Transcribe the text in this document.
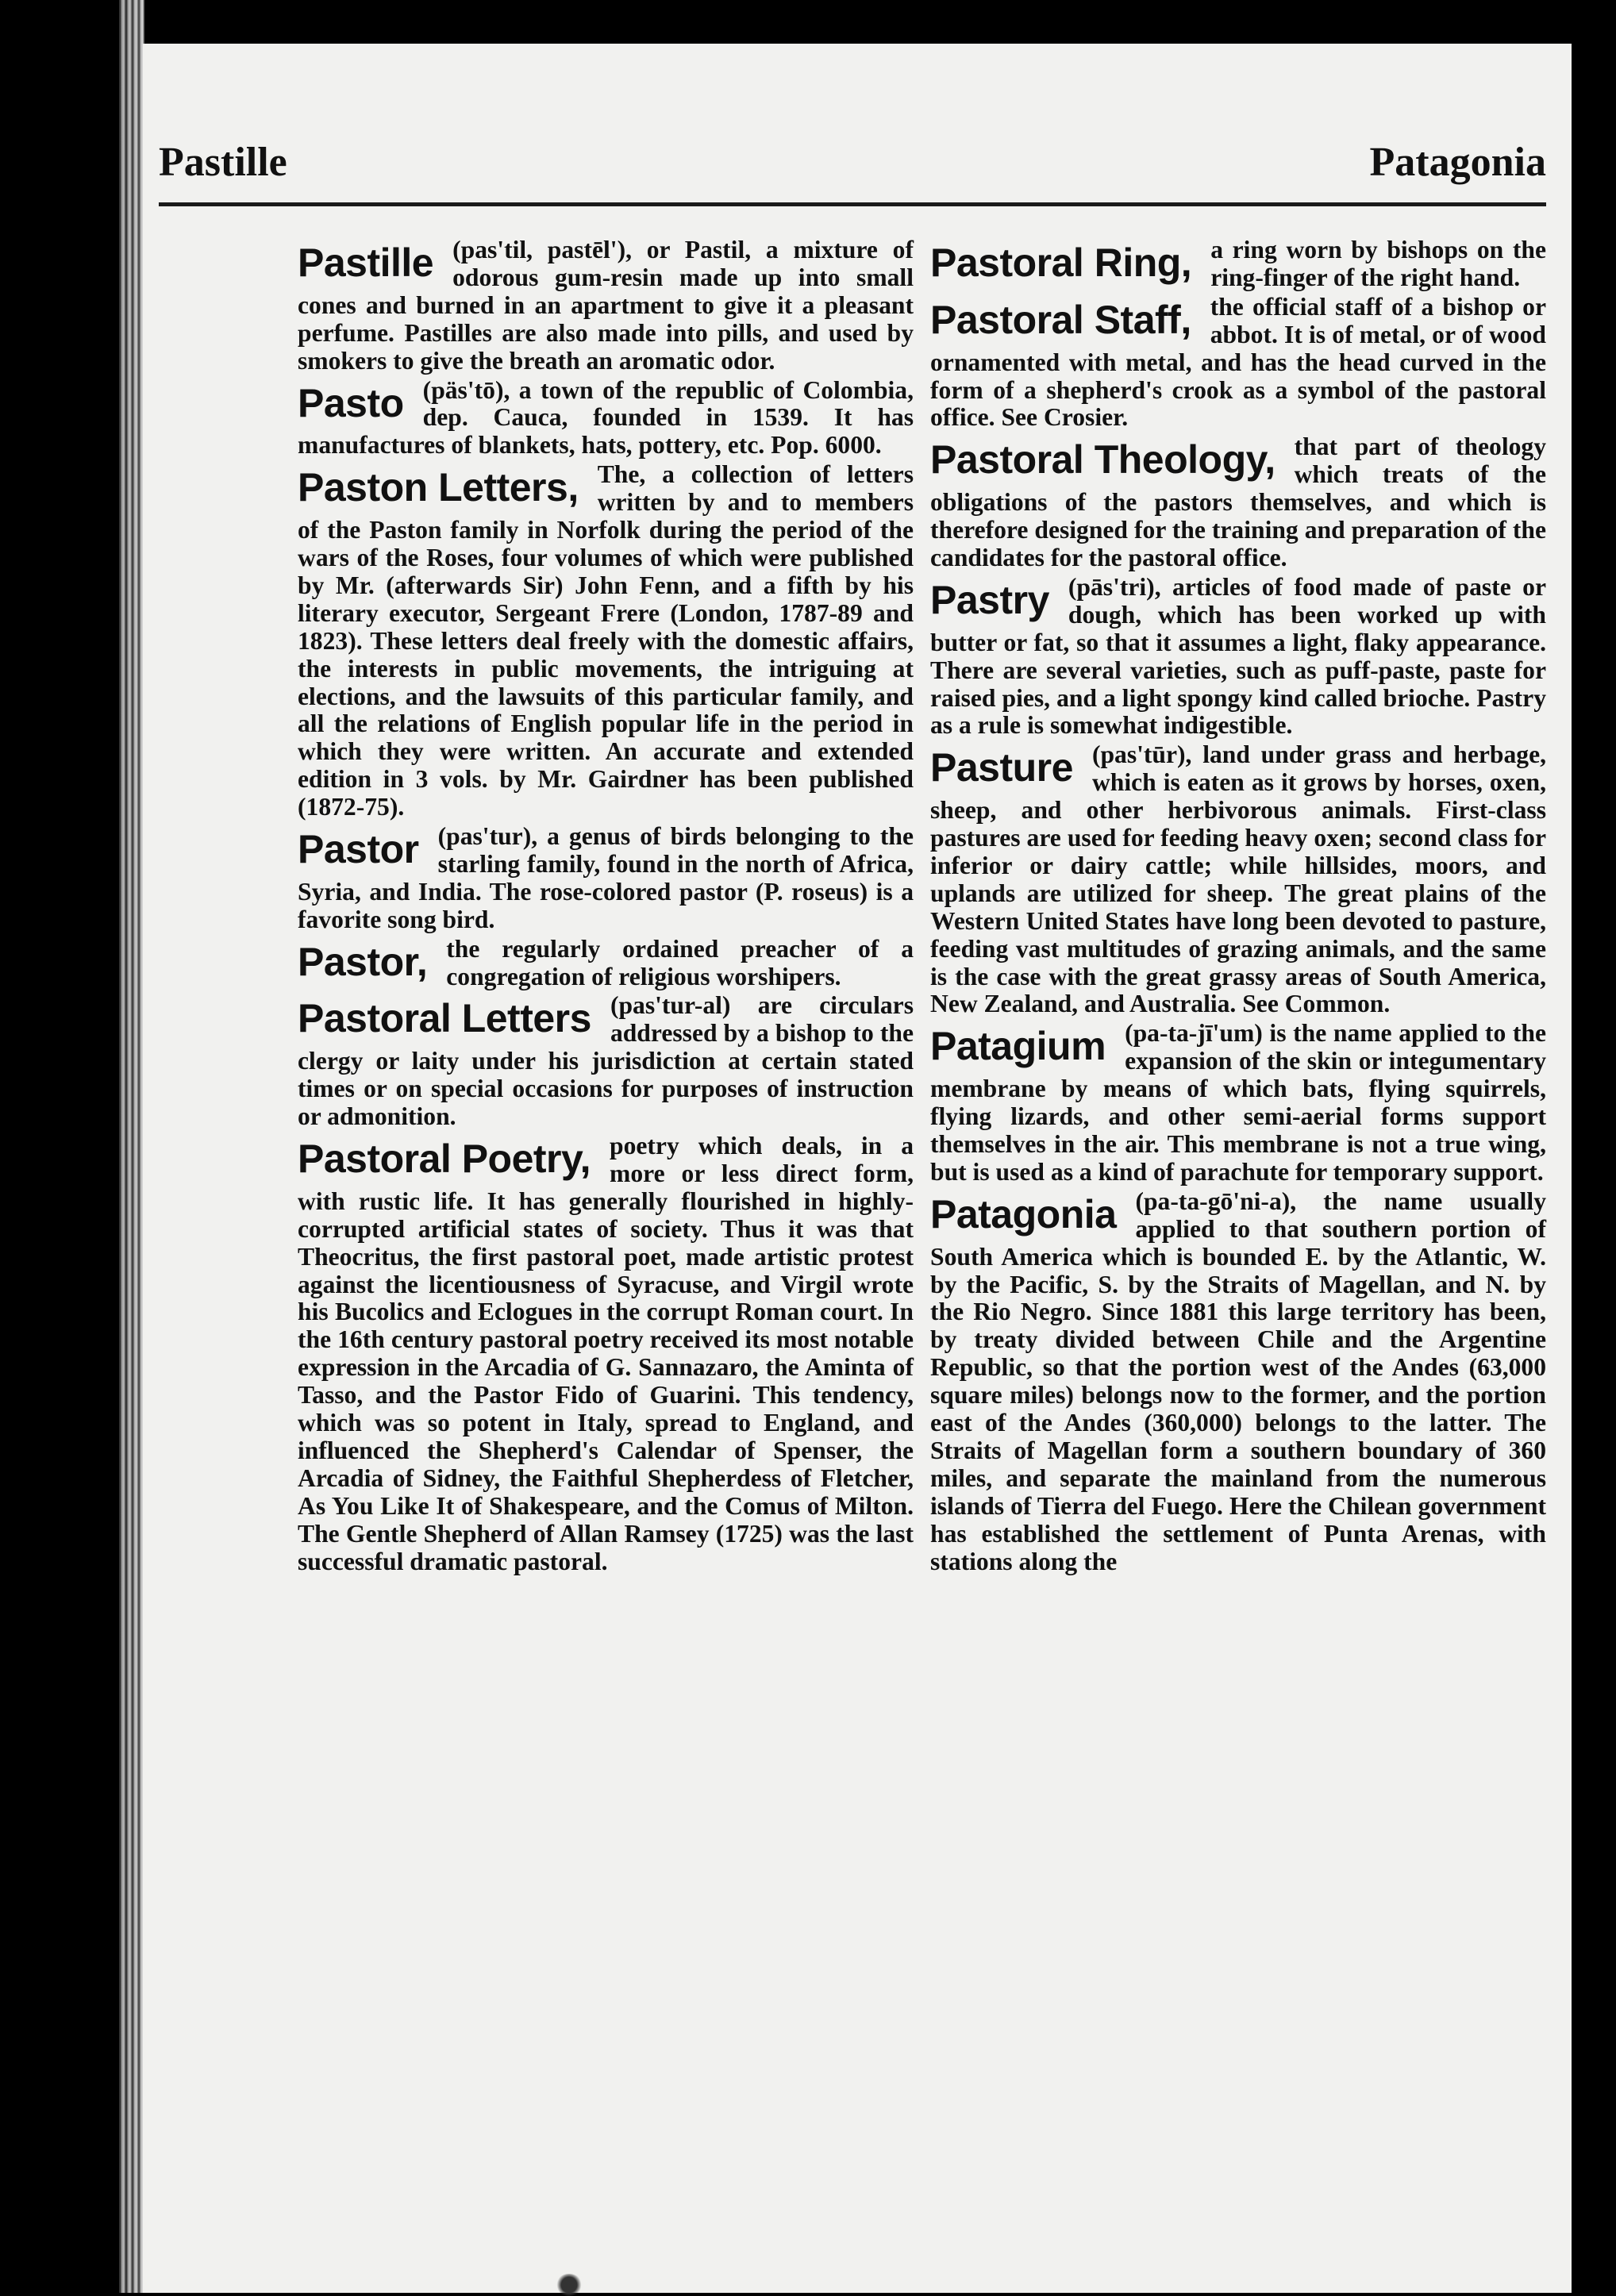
Pastille	Patagonia
Pastille (pas'til, pastēl'), or Pastil, a mixture of odorous gum-resin made up into small cones and burned in an apartment to give it a pleasant perfume. Pastilles are also made into pills, and used by smokers to give the breath an aromatic odor.

Pasto (päs'tō), a town of the republic of Colombia, dep. Cauca, founded in 1539. It has manufactures of blankets, hats, pottery, etc. Pop. 6000.

Paston Letters, The, a collection of letters written by and to members of the Paston family in Norfolk during the period of the wars of the Roses, four volumes of which were published by Mr. (afterwards Sir) John Fenn, and a fifth by his literary executor, Sergeant Frere (London, 1787-89 and 1823). These letters deal freely with the domestic affairs, the interests in public movements, the intriguing at elections, and the lawsuits of this particular family, and all the relations of English popular life in the period in which they were written. An accurate and extended edition in 3 vols. by Mr. Gairdner has been published (1872-75).

Pastor (pas'tur), a genus of birds belonging to the starling family, found in the north of Africa, Syria, and India. The rose-colored pastor (P. roseus) is a favorite song bird.

Pastor, the regularly ordained preacher of a congregation of religious worshipers.

Pastoral Letters (pas'tur-al) are circulars addressed by a bishop to the clergy or laity under his jurisdiction at certain stated times or on special occasions for purposes of instruction or admonition.

Pastoral Poetry, poetry which deals, in a more or less direct form, with rustic life. It has generally flourished in highly-corrupted artificial states of society. Thus it was that Theocritus, the first pastoral poet, made artistic protest against the licentiousness of Syracuse, and Virgil wrote his Bucolics and Eclogues in the corrupt Roman court. In the 16th century pastoral poetry received its most notable expression in the Arcadia of G. Sannazaro, the Aminta of Tasso, and the Pastor Fido of Guarini. This tendency, which was so potent in Italy, spread to England, and influenced the Shepherd's Calendar of Spenser, the Arcadia of Sidney, the Faithful Shepherdess of Fletcher, As You Like It of Shakespeare, and the Comus of Milton. The Gentle Shepherd of Allan Ramsey (1725) was the last successful dramatic pastoral.

Pastoral Ring, a ring worn by bishops on the ring-finger of the right hand.

Pastoral Staff, the official staff of a bishop or abbot. It is of metal, or of wood ornamented with metal, and has the head curved in the form of a shepherd's crook as a symbol of the pastoral office. See Crosier.

Pastoral Theology, that part of theology which treats of the obligations of the pastors themselves, and which is therefore designed for the training and preparation of the candidates for the pastoral office.

Pastry (pās'tri), articles of food made of paste or dough, which has been worked up with butter or fat, so that it assumes a light, flaky appearance. There are several varieties, such as puff-paste, paste for raised pies, and a light spongy kind called brioche. Pastry as a rule is somewhat indigestible.

Pasture (pas'tūr), land under grass and herbage, which is eaten as it grows by horses, oxen, sheep, and other herbivorous animals. First-class pastures are used for feeding heavy oxen; second class for inferior or dairy cattle; while hillsides, moors, and uplands are utilized for sheep. The great plains of the Western United States have long been devoted to pasture, feeding vast multitudes of grazing animals, and the same is the case with the great grassy areas of South America, New Zealand, and Australia. See Common.

Patagium (pa-ta-jī'um) is the name applied to the expansion of the skin or integumentary membrane by means of which bats, flying squirrels, flying lizards, and other semi-aerial forms support themselves in the air. This membrane is not a true wing, but is used as a kind of parachute for temporary support.

Patagonia (pa-ta-gō'ni-a), the name usually applied to that southern portion of South America which is bounded E. by the Atlantic, W. by the Pacific, S. by the Straits of Magellan, and N. by the Rio Negro. Since 1881 this large territory has been, by treaty divided between Chile and the Argentine Republic, so that the portion west of the Andes (63,000 square miles) belongs now to the former, and the portion east of the Andes (360,000) belongs to the latter. The Straits of Magellan form a southern boundary of 360 miles, and separate the mainland from the numerous islands of Tierra del Fuego. Here the Chilean government has established the settlement of Punta Arenas, with stations along the
